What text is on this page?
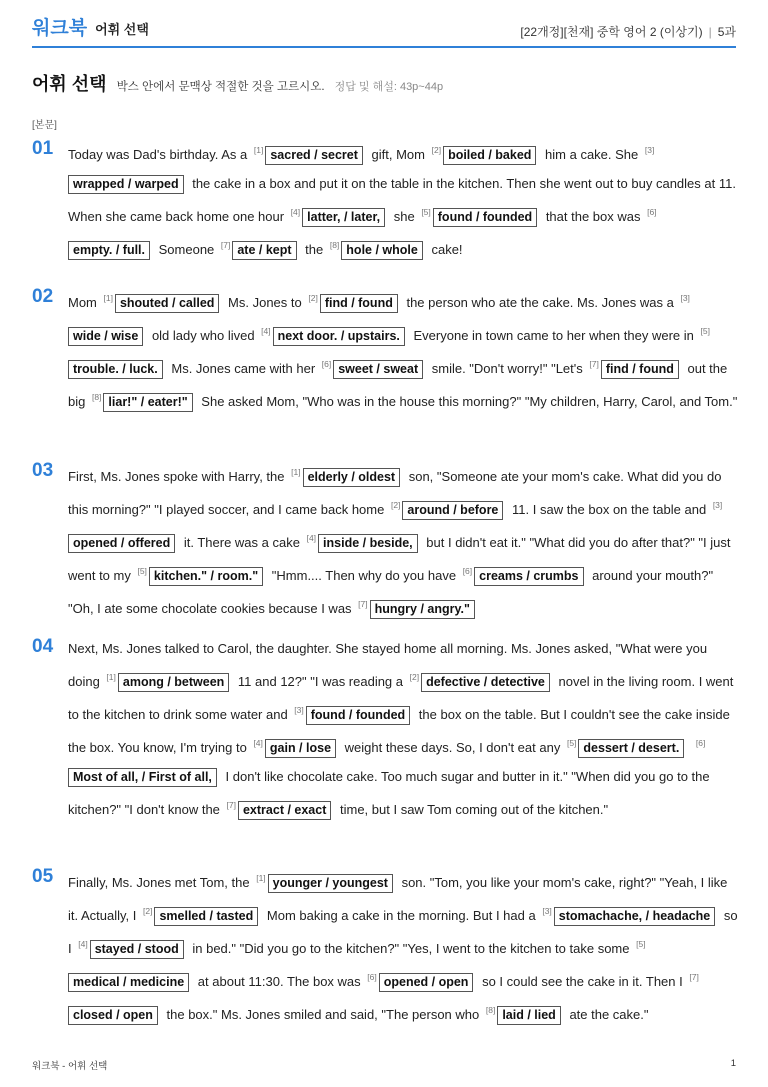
워크북 어휘 선택	[22개정][천재] 중학 영어 2 (이상기) | 5과
어휘 선택 박스 안에서 문맥상 적절한 것을 고르시오. 정답 및 해설: 43p~44p
[본문]
01 Today was Dad's birthday. As a [1] sacred / secret gift, Mom [2] boiled / baked him a cake. She [3]wrapped / warped the cake in a box and put it on the table in the kitchen. Then she went out to buy candles at 11. When she came back home one hour [4] latter, / later, she [5] found / founded that the box was [6]empty. / full. Someone [7] ate / kept the [8] hole / whole cake!
02 Mom [1] shouted / called Ms. Jones to [2] find / found the person who ate the cake. Ms. Jones was a [3]wide / wise old lady who lived [4] next door. / upstairs. Everyone in town came to her when they were in [5]trouble. / luck. Ms. Jones came with her [6] sweet / sweat smile. "Don't worry!" "Let's [7] find / found out the big [8] liar!" / eater!" She asked Mom, "Who was in the house this morning?" "My children, Harry, Carol, and Tom."
03 First, Ms. Jones spoke with Harry, the [1] elderly / oldest son, "Someone ate your mom's cake. What did you do this morning?" "I played soccer, and I came back home [2] around / before 11. I saw the box on the table and [3]opened / offered it. There was a cake [4] inside / beside, but I didn't eat it." "What did you do after that?" "I just went to my [5] kitchen." / room." "Hmm.... Then why do you have [6] creams / crumbs around your mouth?" "Oh, I ate some chocolate cookies because I was [7] hungry / angry."
04 Next, Ms. Jones talked to Carol, the daughter. She stayed home all morning. Ms. Jones asked, "What were you doing [1] among / between 11 and 12?" "I was reading a [2] defective / detective novel in the living room. I went to the kitchen to drink some water and [3] found / founded the box on the table. But I couldn't see the cake inside the box. You know, I'm trying to [4] gain / lose weight these days. So, I don't eat any [5] dessert / desert. [6]Most of all, / First of all, I don't like chocolate cake. Too much sugar and butter in it." "When did you go to the kitchen?" "I don't know the [7] extract / exact time, but I saw Tom coming out of the kitchen."
05 Finally, Ms. Jones met Tom, the [1] younger / youngest son. "Tom, you like your mom's cake, right?" "Yeah, I like it. Actually, I [2] smelled / tasted Mom baking a cake in the morning. But I had a [3] stomachache, / headache so I [4] stayed / stood in bed." "Did you go to the kitchen?" "Yes, I went to the kitchen to take some [5]medical / medicine at about 11:30. The box was [6] opened / open so I could see the cake in it. Then I [7]closed / open the box." Ms. Jones smiled and said, "The person who [8] laid / lied ate the cake."
워크북 - 어휘 선택	1
